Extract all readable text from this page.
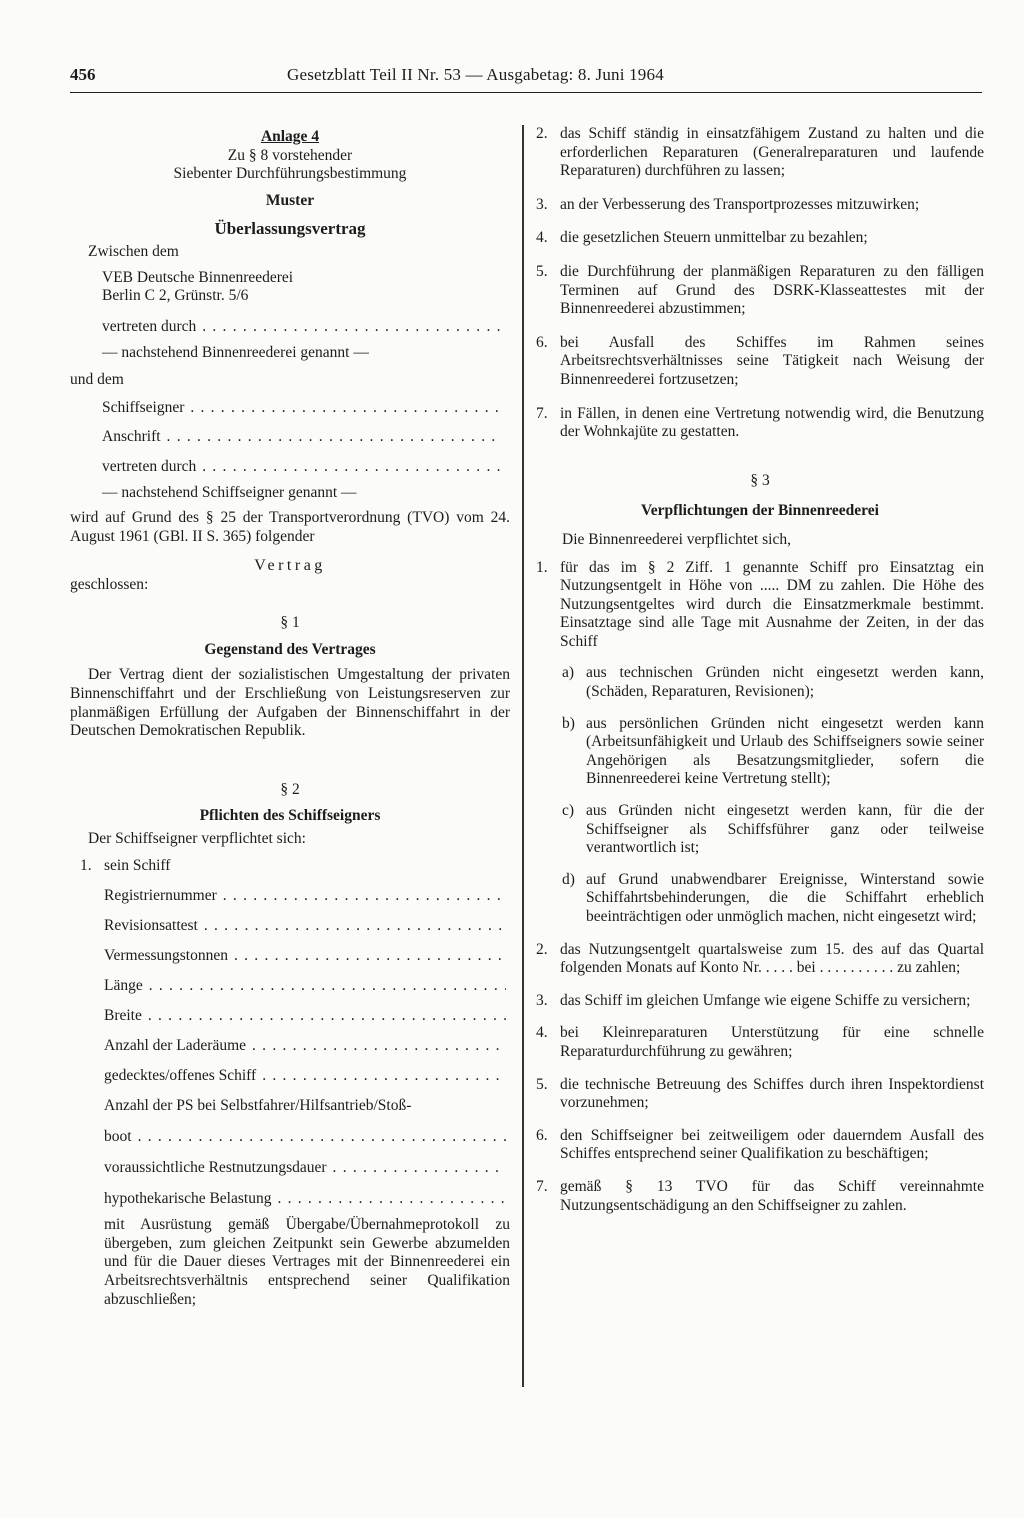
456	Gesetzblatt Teil II Nr. 53 — Ausgabetag: 8. Juni 1964
Anlage 4
Zu § 8 vorstehender
Siebenter Durchführungsbestimmung
Muster
Überlassungsvertrag
Zwischen dem
VEB Deutsche Binnenreederei
Berlin C 2, Grünstr. 5/6
vertreten durch
. . .
— nachstehend Binnenreederei genannt —
und dem
Schiffseigner
. . .
Anschrift
. . .
vertreten durch
. . .
— nachstehend Schiffseigner genannt —
wird auf Grund des § 25 der Transportverordnung (TVO) vom 24. August 1961 (GBl. II S. 365) folgender
Vertrag
geschlossen:
§ 1
Gegenstand des Vertrages
Der Vertrag dient der sozialistischen Umgestaltung der privaten Binnenschiffahrt und der Erschließung von Leistungsreserven zur planmäßigen Erfüllung der Aufgaben der Binnenschiffahrt in der Deutschen Demokratischen Republik.
§ 2
Pflichten des Schiffseigners
Der Schiffseigner verpflichtet sich:
1. sein Schiff
Registriernummer
. . .
Revisionsattest
. . .
Vermessungstonnen
. . .
Länge
. . .
Breite
. . .
Anzahl der Laderäume
. . .
gedecktes/offenes Schiff
. . .
Anzahl der PS bei Selbstfahrer/Hilfsantrieb/Stoß-
boot
. . .
voraussichtliche Restnutzungsdauer
. . .
hypothekarische Belastung
. . .
mit Ausrüstung gemäß Übergabe/Übernahmeprotokoll zu übergeben, zum gleichen Zeitpunkt sein Gewerbe abzumelden und für die Dauer dieses Vertrages mit der Binnenreederei ein Arbeitsrechtsverhältnis entsprechend seiner Qualifikation abzuschließen;
2. das Schiff ständig in einsatzfähigem Zustand zu halten und die erforderlichen Reparaturen (Generalreparaturen und laufende Reparaturen) durchführen zu lassen;
3. an der Verbesserung des Transportprozesses mitzuwirken;
4. die gesetzlichen Steuern unmittelbar zu bezahlen;
5. die Durchführung der planmäßigen Reparaturen zu den fälligen Terminen auf Grund des DSRK-Klasseattestes mit der Binnenreederei abzustimmen;
6. bei Ausfall des Schiffes im Rahmen seines Arbeitsrechtsverhältnisses seine Tätigkeit nach Weisung der Binnenreederei fortzusetzen;
7. in Fällen, in denen eine Vertretung notwendig wird, die Benutzung der Wohnkajüte zu gestatten.
§ 3
Verpflichtungen der Binnenreederei
Die Binnenreederei verpflichtet sich,
1. für das im § 2 Ziff. 1 genannte Schiff pro Einsatztag ein Nutzungsentgelt in Höhe von ..... DM zu zahlen. Die Höhe des Nutzungsentgeltes wird durch die Einsatzmerkmale bestimmt. Einsatztage sind alle Tage mit Ausnahme der Zeiten, in der das Schiff
a) aus technischen Gründen nicht eingesetzt werden kann, (Schäden, Reparaturen, Revisionen);
b) aus persönlichen Gründen nicht eingesetzt werden kann (Arbeitsunfähigkeit und Urlaub des Schiffseigners sowie seiner Angehörigen als Besatzungsmitglieder, sofern die Binnenreederei keine Vertretung stellt);
c) aus Gründen nicht eingesetzt werden kann, für die der Schiffseigner als Schiffsführer ganz oder teilweise verantwortlich ist;
d) auf Grund unabwendbarer Ereignisse, Winterstand sowie Schiffahrtsbehinderungen, die die Schiffahrt erheblich beeinträchtigen oder unmöglich machen, nicht eingesetzt wird;
2. das Nutzungsentgelt quartalsweise zum 15. des auf das Quartal folgenden Monats auf Konto Nr. . . . . bei . . . . . . . . . . zu zahlen;
3. das Schiff im gleichen Umfange wie eigene Schiffe zu versichern;
4. bei Kleinreparaturen Unterstützung für eine schnelle Reparaturdurchführung zu gewähren;
5. die technische Betreuung des Schiffes durch ihren Inspektordienst vorzunehmen;
6. den Schiffseigner bei zeitweiligem oder dauerndem Ausfall des Schiffes entsprechend seiner Qualifikation zu beschäftigen;
7. gemäß § 13 TVO für das Schiff vereinnahmte Nutzungsentschädigung an den Schiffseigner zu zahlen.
